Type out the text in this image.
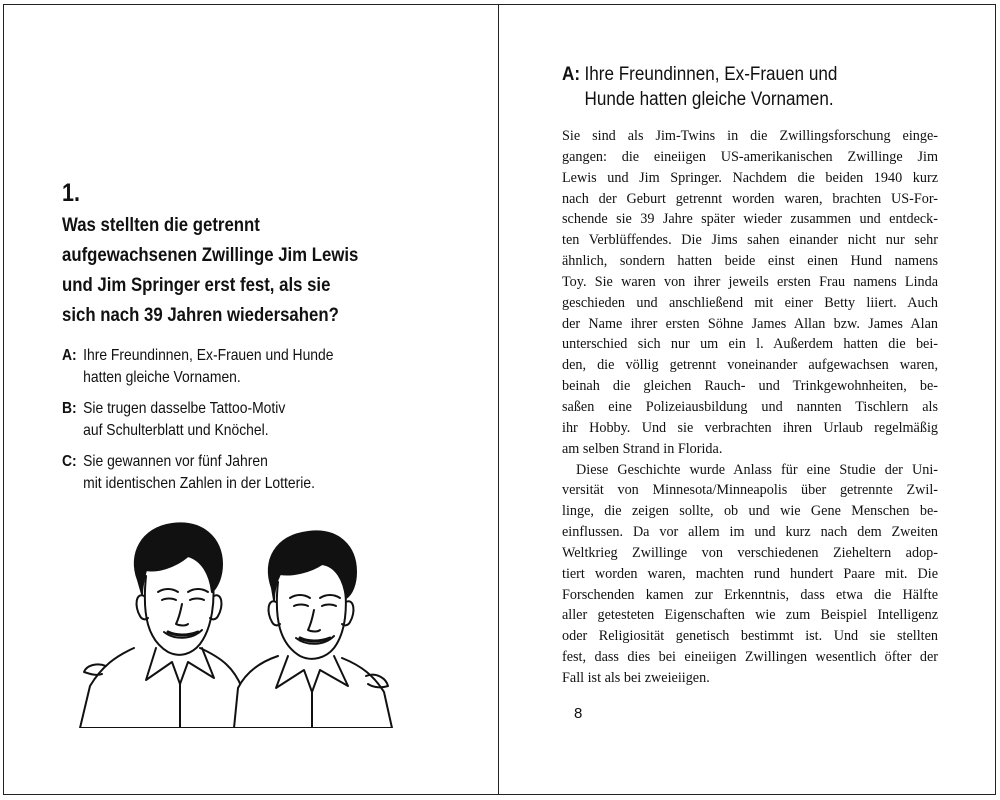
1.
Was stellten die getrennt
aufgewachsenen Zwillinge Jim Lewis
und Jim Springer erst fest, als sie
sich nach 39 Jahren wiedersahen?
A: Ihre Freundinnen, Ex-Frauen und Hunde
hatten gleiche Vornamen.
B: Sie trugen dasselbe Tattoo-Motiv
auf Schulterblatt und Knöchel.
C: Sie gewannen vor fünf Jahren
mit identischen Zahlen in der Lotterie.
A: Ihre Freundinnen, Ex-Frauen und
Hunde hatten gleiche Vornamen.

Sie sind als Jim-Twins in die Zwillingsforschung einge-
gangen: die eineiigen US-amerikanischen Zwillinge Jim
Lewis und Jim Springer. Nachdem die beiden 1940 kurz
nach der Geburt getrennt worden waren, brachten US-For-
schende sie 39 Jahre später wieder zusammen und entdeck-
ten Verblüffendes. Die Jims sahen einander nicht nur sehr
ähnlich, sondern hatten beide einst einen Hund namens
Toy. Sie waren von ihrer jeweils ersten Frau namens Linda
geschieden und anschließend mit einer Betty liiert. Auch
der Name ihrer ersten Söhne James Allan bzw. James Alan
unterschied sich nur um ein l. Außerdem hatten die bei-
den, die völlig getrennt voneinander aufgewachsen waren,
beinah die gleichen Rauch- und Trinkgewohnheiten, be-
saßen eine Polizeiausbildung und nannten Tischlern als
ihr Hobby. Und sie verbrachten ihren Urlaub regelmäßig
am selben Strand in Florida.

Diese Geschichte wurde Anlass für eine Studie der Uni-
versität von Minnesota/Minneapolis über getrennte Zwil-
linge, die zeigen sollte, ob und wie Gene Menschen be-
einflussen. Da vor allem im und kurz nach dem Zweiten
Weltkrieg Zwillinge von verschiedenen Zieheltern adop-
tiert worden waren, machten rund hundert Paare mit. Die
Forschenden kamen zur Erkenntnis, dass etwa die Hälfte
aller getesteten Eigenschaften wie zum Beispiel Intelligenz
oder Religiosität genetisch bestimmt ist. Und sie stellten
fest, dass dies bei eineiigen Zwillingen wesentlich öfter der
Fall ist als bei zweieiigen.

8
